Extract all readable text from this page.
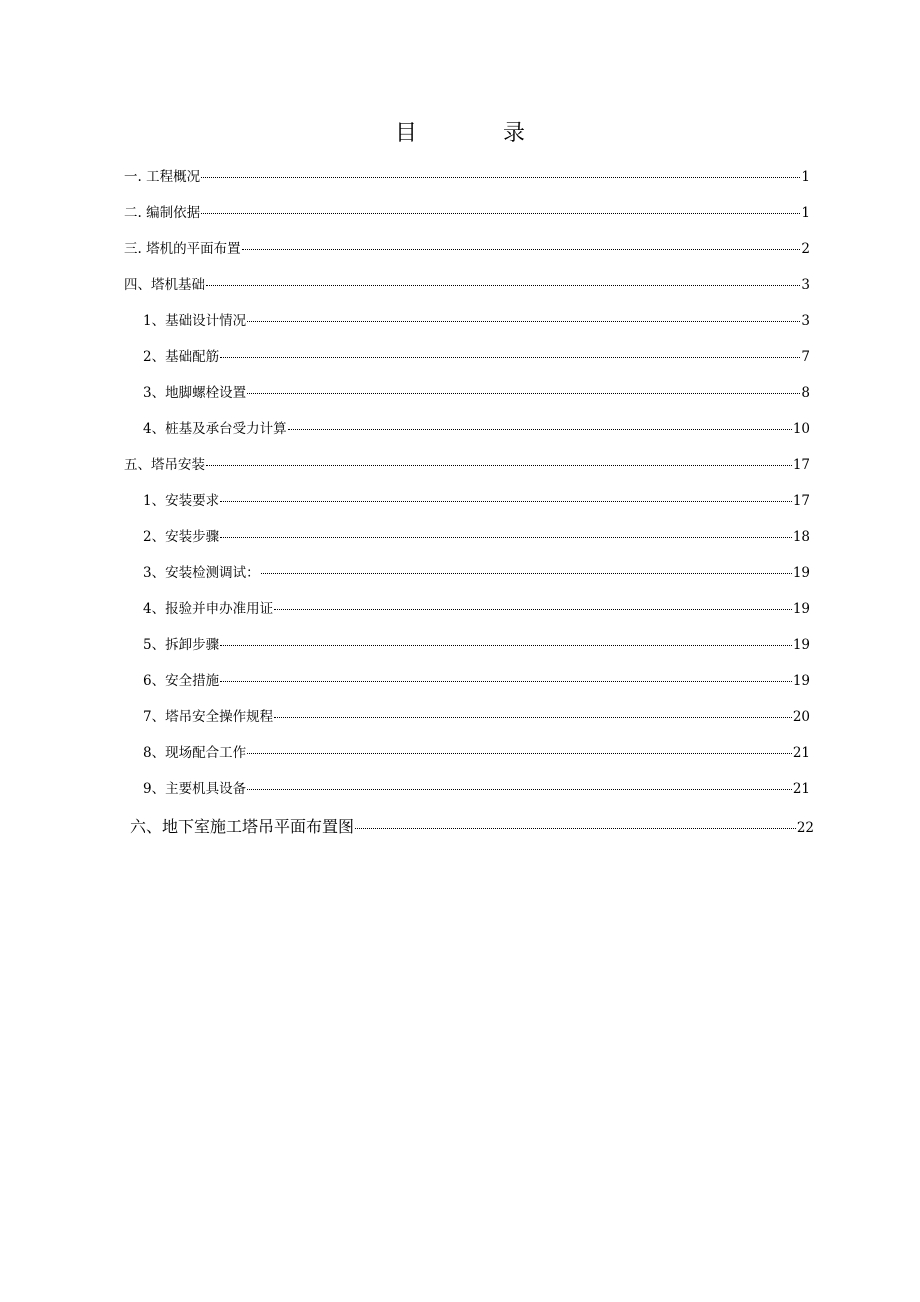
目　录
一. 工程概况	1
二. 编制依据	1
三. 塔机的平面布置	2
四、塔机基础	3
1、基础设计情况	3
2、基础配筋	7
3、地脚螺栓设置	8
4、桩基及承台受力计算	10
五、塔吊安装	17
1、安装要求	17
2、安装步骤	18
3、安装检测调试：	19
4、报验并申办准用证	19
5、拆卸步骤	19
6、安全措施	19
7、塔吊安全操作规程	20
8、现场配合工作	21
9、主要机具设备	21
六、地下室施工塔吊平面布置图	22
